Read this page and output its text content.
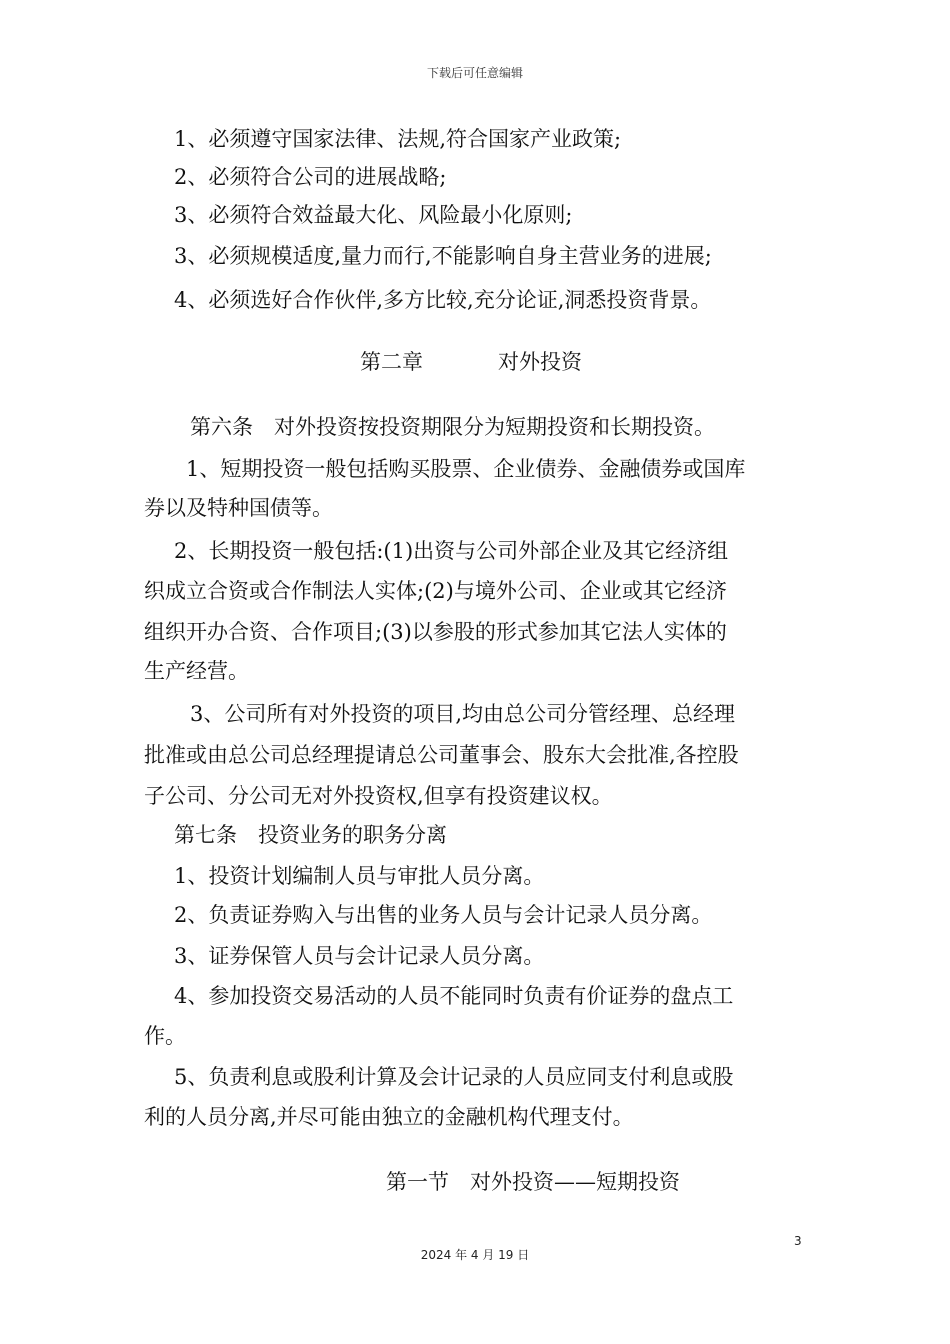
下载后可任意编辑
1、必须遵守国家法律、法规,符合国家产业政策;
2、必须符合公司的进展战略;
3、必须符合效益最大化、风险最小化原则;
3、必须规模适度,量力而行,不能影响自身主营业务的进展;
4、必须选好合作伙伴,多方比较,充分论证,洞悉投资背景。
第二章	对外投资
第六条　对外投资按投资期限分为短期投资和长期投资。
1、短期投资一般包括购买股票、企业债券、金融债券或国库
券以及特种国债等。
2、长期投资一般包括:(1)出资与公司外部企业及其它经济组
织成立合资或合作制法人实体;(2)与境外公司、企业或其它经济
组织开办合资、合作项目;(3)以参股的形式参加其它法人实体的
生产经营。
3、公司所有对外投资的项目,均由总公司分管经理、总经理
批准或由总公司总经理提请总公司董事会、股东大会批准,各控股
子公司、分公司无对外投资权,但享有投资建议权。
第七条　投资业务的职务分离
1、投资计划编制人员与审批人员分离。
2、负责证券购入与出售的业务人员与会计记录人员分离。
3、证券保管人员与会计记录人员分离。
4、参加投资交易活动的人员不能同时负责有价证券的盘点工
作。
5、负责利息或股利计算及会计记录的人员应同支付利息或股
利的人员分离,并尽可能由独立的金融机构代理支付。
第一节　对外投资——短期投资
3
2024 年 4 月 19 日
